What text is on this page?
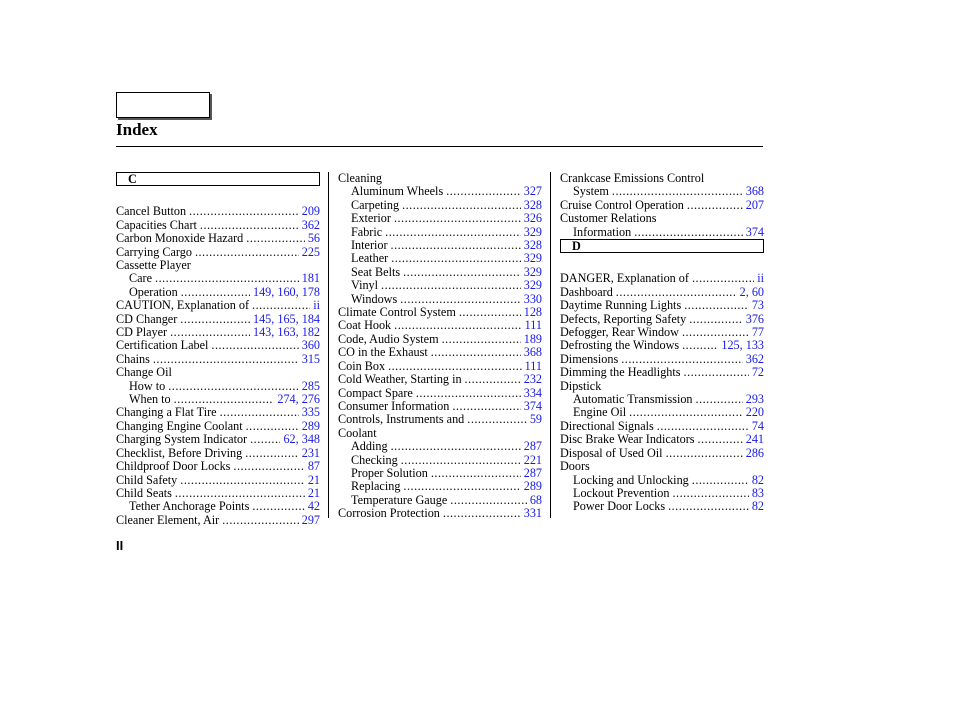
Index
C
Cancel Button .....	209
Capacities Chart .....	362
Carbon Monoxide Hazard .....	56
Carrying Cargo .....	225
Cassette Player
Care .....	181
Operation .....	149, 160, 178
CAUTION, Explanation of .....	ii
CD Changer .....	145, 165, 184
CD Player .....	143, 163, 182
Certification Label .....	360
Chains .....	315
Change Oil
How to .....	285
When to .....	274, 276
Changing a Flat Tire .....	335
Changing Engine Coolant .....	289
Charging System Indicator .....	62, 348
Checklist, Before Driving .....	231
Childproof Door Locks .....	87
Child Safety .....	21
Child Seats .....	21
Tether Anchorage Points .....	42
Cleaner Element, Air .....	297
Cleaning
Aluminum Wheels .....	327
Carpeting .....	328
Exterior .....	326
Fabric .....	329
Interior .....	328
Leather .....	329
Seat Belts .....	329
Vinyl .....	329
Windows .....	330
Climate Control System .....	128
Coat Hook .....	111
Code, Audio System .....	189
CO in the Exhaust .....	368
Coin Box .....	111
Cold Weather, Starting in .....	232
Compact Spare .....	334
Consumer Information .....	374
Controls, Instruments and .....	59
Coolant
Adding .....	287
Checking .....	221
Proper Solution .....	287
Replacing .....	289
Temperature Gauge .....	68
Corrosion Protection .....	331
Crankcase Emissions Control
System .....	368
Cruise Control Operation .....	207
Customer Relations
Information .....	374
D
DANGER, Explanation of .....	ii
Dashboard .....	2, 60
Daytime Running Lights .....	73
Defects, Reporting Safety .....	376
Defogger, Rear Window .....	77
Defrosting the Windows .....	125, 133
Dimensions .....	362
Dimming the Headlights .....	72
Dipstick
Automatic Transmission .....	293
Engine Oil .....	220
Directional Signals .....	74
Disc Brake Wear Indicators .....	241
Disposal of Used Oil .....	286
Doors
Locking and Unlocking .....	82
Lockout Prevention .....	83
Power Door Locks .....	82
II
